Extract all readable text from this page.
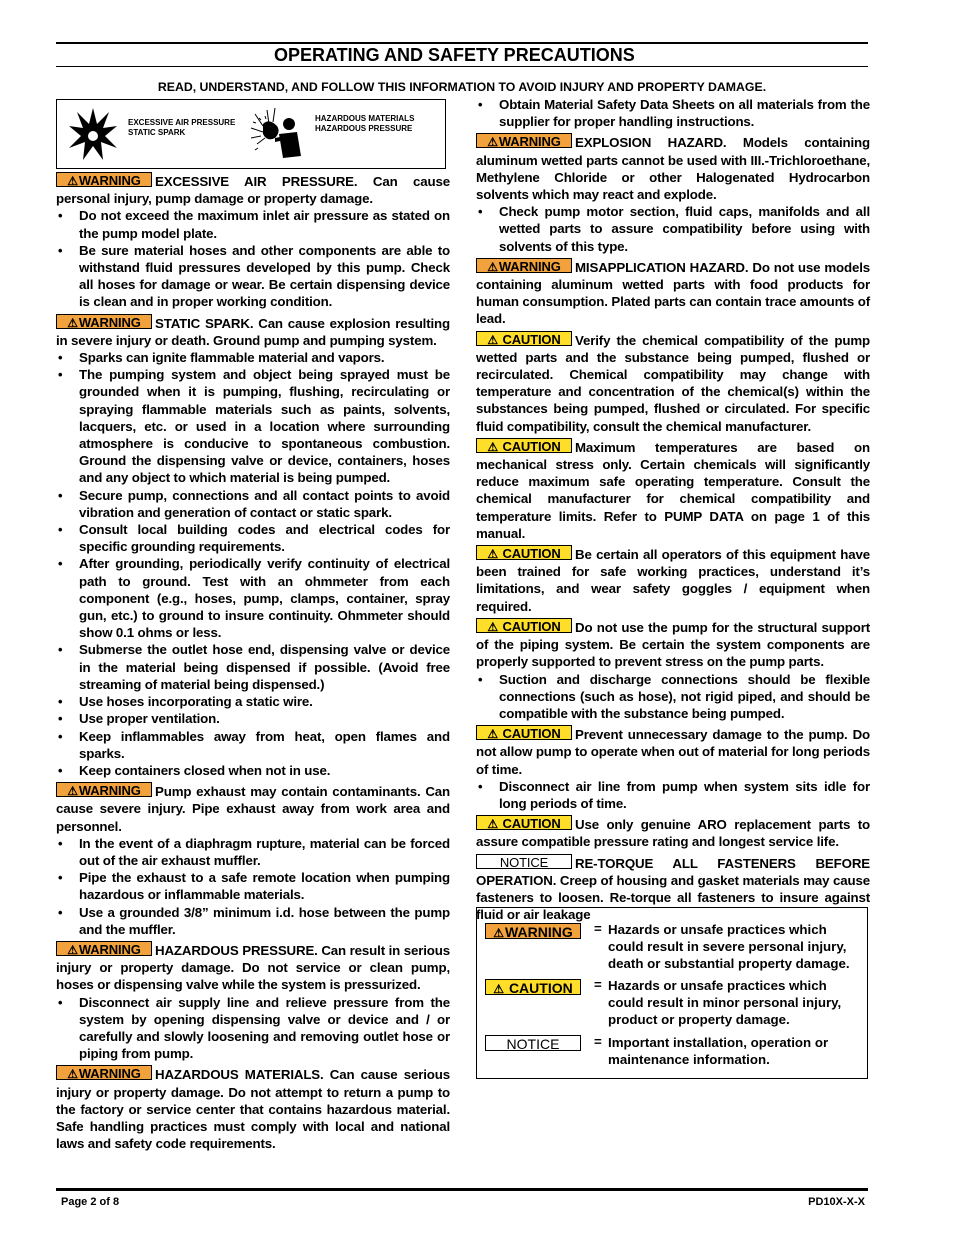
OPERATING AND SAFETY PRECAUTIONS
READ, UNDERSTAND, AND FOLLOW THIS INFORMATION TO AVOID INJURY AND PROPERTY DAMAGE.
EXCESSIVE AIR PRESSURE
STATIC SPARK
HAZARDOUS MATERIALS
HAZARDOUS PRESSURE

⚠WARNING EXCESSIVE AIR PRESSURE. Can cause personal injury, pump damage or property damage.

• Do not exceed the maximum inlet air pressure as stated on the pump model plate.

• Be sure material hoses and other components are able to withstand fluid pressures developed by this pump. Check all hoses for damage or wear. Be certain dispensing device is clean and in proper working condition.

⚠WARNING STATIC SPARK. Can cause explosion resulting in severe injury or death. Ground pump and pumping system.

• Sparks can ignite flammable material and vapors.

• The pumping system and object being sprayed must be grounded when it is pumping, flushing, recirculating or spraying flammable materials such as paints, solvents, lacquers, etc. or used in a location where surrounding atmosphere is conducive to spontaneous combustion. Ground the dispensing valve or device, containers, hoses and any object to which material is being pumped.

• Secure pump, connections and all contact points to avoid vibration and generation of contact or static spark.

• Consult local building codes and electrical codes for specific grounding requirements.

• After grounding, periodically verify continuity of electrical path to ground. Test with an ohmmeter from each component (e.g., hoses, pump, clamps, container, spray gun, etc.) to ground to insure continuity. Ohmmeter should show 0.1 ohms or less.

• Submerse the outlet hose end, dispensing valve or device in the material being dispensed if possible. (Avoid free streaming of material being dispensed.)

• Use hoses incorporating a static wire.

• Use proper ventilation.

• Keep inflammables away from heat, open flames and sparks.

• Keep containers closed when not in use.

⚠WARNING Pump exhaust may contain contaminants. Can cause severe injury. Pipe exhaust away from work area and personnel.

• In the event of a diaphragm rupture, material can be forced out of the air exhaust muffler.

• Pipe the exhaust to a safe remote location when pumping hazardous or inflammable materials.

• Use a grounded 3/8” minimum i.d. hose between the pump and the muffler.

⚠WARNING HAZARDOUS PRESSURE. Can result in serious injury or property damage. Do not service or clean pump, hoses or dispensing valve while the system is pressurized.

• Disconnect air supply line and relieve pressure from the system by opening dispensing valve or device and / or carefully and slowly loosening and removing outlet hose or piping from pump.

⚠WARNING HAZARDOUS MATERIALS. Can cause serious injury or property damage. Do not attempt to return a pump to the factory or service center that contains hazardous material. Safe handling practices must comply with local and national laws and safety code requirements.

• Obtain Material Safety Data Sheets on all materials from the supplier for proper handling instructions.

⚠WARNING EXPLOSION HAZARD. Models containing aluminum wetted parts cannot be used with III.-Trichloroethane, Methylene Chloride or other Halogenated Hydrocarbon solvents which may react and explode.

• Check pump motor section, fluid caps, manifolds and all wetted parts to assure compatibility before using with solvents of this type.

⚠WARNING MISAPPLICATION HAZARD. Do not use models containing aluminum wetted parts with food products for human consumption. Plated parts can contain trace amounts of lead.

⚠ CAUTION Verify the chemical compatibility of the pump wetted parts and the substance being pumped, flushed or recirculated. Chemical compatibility may change with temperature and concentration of the chemical(s) within the substances being pumped, flushed or circulated. For specific fluid compatibility, consult the chemical manufacturer.

⚠ CAUTION Maximum temperatures are based on mechanical stress only. Certain chemicals will significantly reduce maximum safe operating temperature. Consult the chemical manufacturer for chemical compatibility and temperature limits. Refer to PUMP DATA on page 1 of this manual.

⚠ CAUTION Be certain all operators of this equipment have been trained for safe working practices, understand it’s limitations, and wear safety goggles / equipment when required.

⚠ CAUTION Do not use the pump for the structural support of the piping system. Be certain the system components are properly supported to prevent stress on the pump parts.

• Suction and discharge connections should be flexible connections (such as hose), not rigid piped, and should be compatible with the substance being pumped.

⚠ CAUTION Prevent unnecessary damage to the pump. Do not allow pump to operate when out of material for long periods of time.

• Disconnect air line from pump when system sits idle for long periods of time.

⚠ CAUTION Use only genuine ARO replacement parts to assure compatible pressure rating and longest service life.

NOTICE RE-TORQUE ALL FASTENERS BEFORE OPERATION. Creep of housing and gasket materials may cause fasteners to loosen. Re-torque all fasteners to insure against fluid or air leakage

⚠WARNING	= Hazards or unsafe practices which could result in severe personal injury, death or substantial property damage.
⚠ CAUTION	= Hazards or unsafe practices which could result in minor personal injury, product or property damage.
NOTICE	= Important installation, operation or maintenance information.
Page 2 of 8	PD10X-X-X
